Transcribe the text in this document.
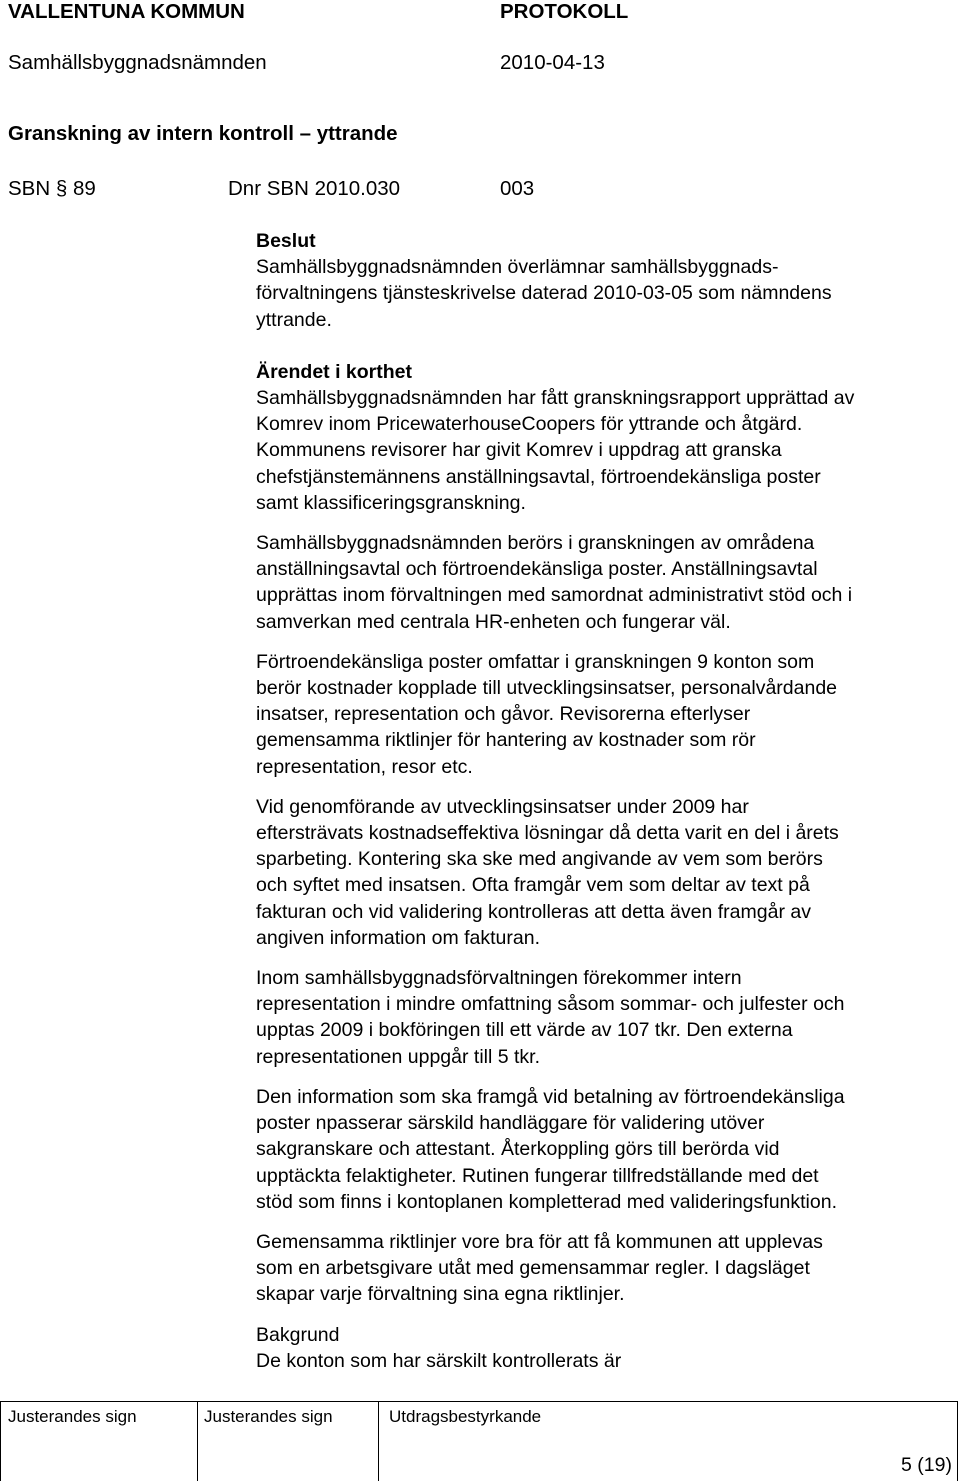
VALLENTUNA KOMMUN	PROTOKOLL
Samhällsbyggnadsnämnden	2010-04-13
Granskning av intern kontroll – yttrande
SBN § 89	Dnr SBN 2010.030	003

Beslut

Samhällsbyggnadsnämnden överlämnar samhällsbyggnads-
förvaltningens tjänsteskrivelse daterad 2010-03-05 som nämndens
yttrande.

Ärendet i korthet

Samhällsbyggnadsnämnden har fått granskningsrapport upprättad av
Komrev inom PricewaterhouseCoopers för yttrande och åtgärd.
Kommunens revisorer har givit Komrev i uppdrag att granska
chefstjänstemännens anställningsavtal, förtroendekänsliga poster
samt klassificeringsgranskning.

Samhällsbyggnadsnämnden berörs i granskningen av områdena
anställningsavtal och förtroendekänsliga poster. Anställningsavtal
upprättas inom förvaltningen med samordnat administrativt stöd och i
samverkan med centrala HR-enheten och fungerar väl.

Förtroendekänsliga poster omfattar i granskningen 9 konton som
berör kostnader kopplade till utvecklingsinsatser, personalvårdande
insatser, representation och gåvor. Revisorerna efterlyser
gemensamma riktlinjer för hantering av kostnader som rör
representation, resor etc.

Vid genomförande av utvecklingsinsatser under 2009 har
eftersträvats kostnadseffektiva lösningar då detta varit en del i årets
sparbeting. Kontering ska ske med angivande av vem som berörs
och syftet med insatsen. Ofta framgår vem som deltar av text på
fakturan och vid validering kontrolleras att detta även framgår av
angiven information om fakturan.

Inom samhällsbyggnadsförvaltningen förekommer intern
representation i mindre omfattning såsom sommar- och julfester och
upptas 2009 i bokföringen till ett värde av 107 tkr. Den externa
representationen uppgår till 5 tkr.

Den information som ska framgå vid betalning av förtroendekänsliga
poster npasserar särskild handläggare för validering utöver
sakgranskare och attestant. Återkoppling görs till berörda vid
upptäckta felaktigheter. Rutinen fungerar tillfredställande med det
stöd som finns i kontoplanen kompletterad med valideringsfunktion.

Gemensamma riktlinjer vore bra för att få kommunen att upplevas
som en arbetsgivare utåt med gemensammar regler. I dagsläget
skapar varje förvaltning sina egna riktlinjer.

Bakgrund

De konton som har särskilt kontrollerats är

Justerandes sign	Justerandes sign	Utdragsbestyrkande
5 (19)
